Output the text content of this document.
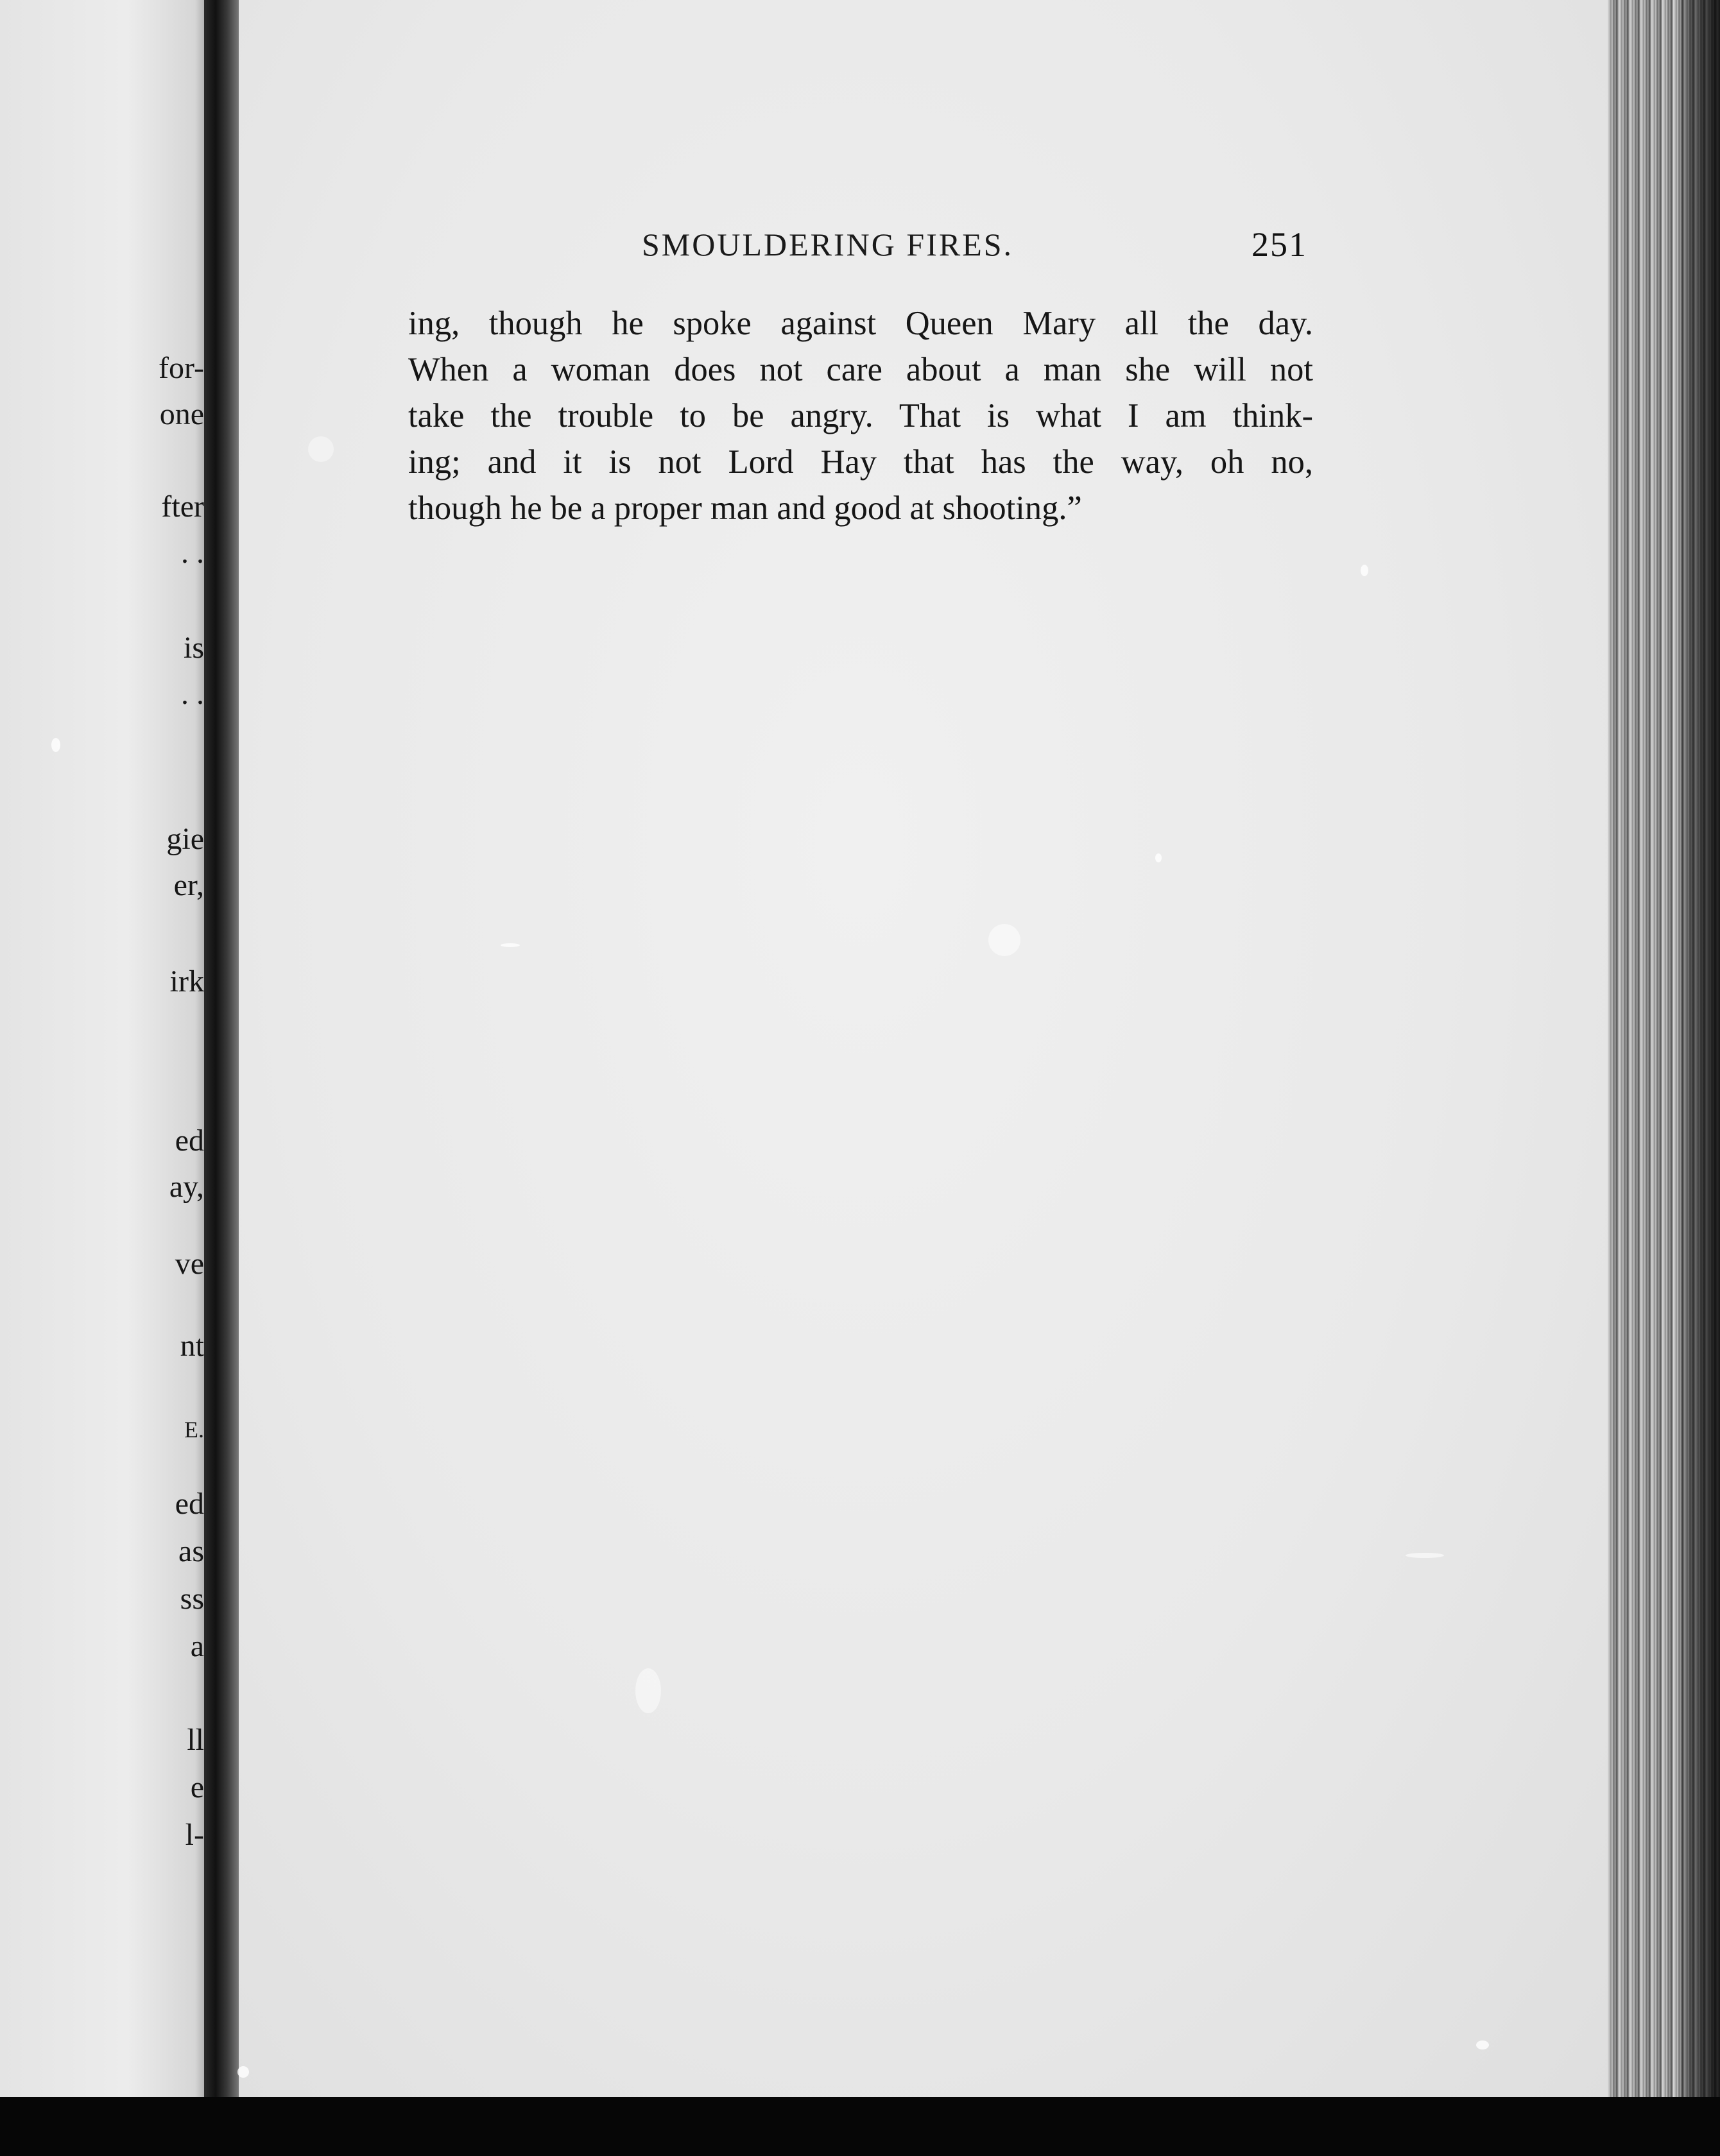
for-
one
fter
. .
is
. .
gie
er,
irk
ed
ay,
ve
nt
E.
ed
as
ss
a
ll
e
l-
SMOULDERING FIRES.	251
ing, though he spoke against Queen Mary all the day.
When a woman does not care about a man she will not
take the trouble to be angry. That is what I am think-
ing; and it is not Lord Hay that has the way, oh no,
though he be a proper man and good at shooting.”
